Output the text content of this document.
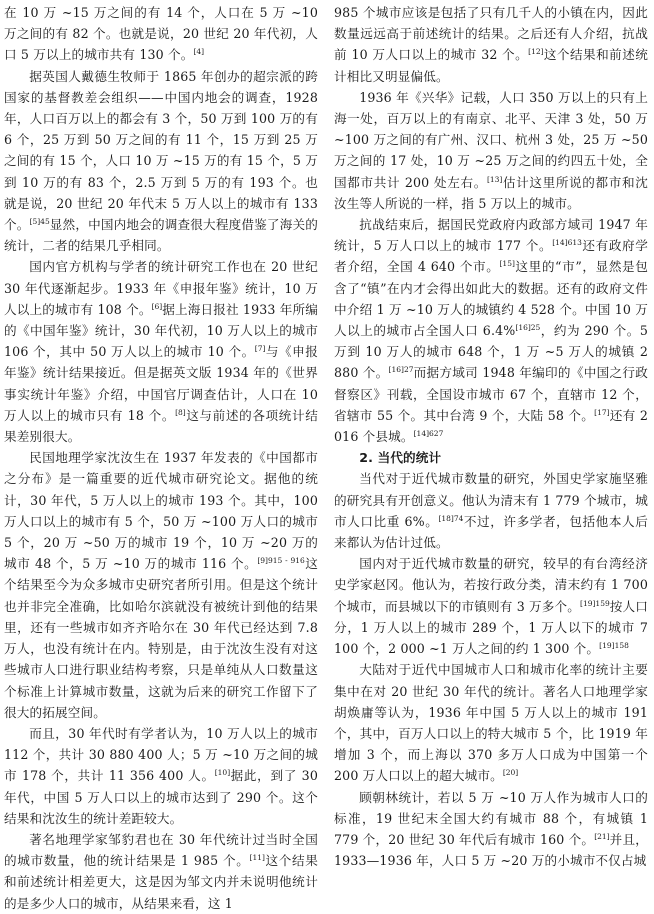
在 10 万 ~15 万之间的有 14 个，人口在 5 万 ~10 万之间的有 82 个。也就是说，20 世纪 20 年代初，人口 5 万以上的城市共有 130 个。[4]

据英国人戴德生牧师于 1865 年创办的超宗派的跨国家的基督教差会组织——中国内地会的调查，1928 年，人口百万以上的都会有 3 个，50 万到 100 万的有 6 个，25 万到 50 万之间的有 11 个，15 万到 25 万之间的有 15 个，人口 10 万 ~15 万的有 15 个，5 万到 10 万的有 83 个，2.5 万到 5 万的有 193 个。也就是说，20 世纪 20 年代末 5 万人以上的城市有 133 个。$^{[5]45}$显然，中国内地会的调查很大程度借鉴了海关的统计，二者的结果几乎相同。

国内官方机构与学者的统计研究工作也在 20 世纪 30 年代逐渐起步。1933 年《申报年鉴》统计，10 万人以上的城市有 108 个。[6]据上海日报社 1933 年所编的《中国年鉴》统计，30 年代初，10 万人以上的城市 106 个，其中 50 万人以上的城市 10 个。[7]与《申报年鉴》统计结果接近。但是据英文版 1934 年的《世界事实统计年鉴》介绍，中国官厅调查估计，人口在 10 万人以上的城市只有 18 个。[8]这与前述的各项统计结果差别很大。

民国地理学家沈汝生在 1937 年发表的《中国都市之分布》是一篇重要的近代城市研究论文。据他的统计，30 年代，5 万人以上的城市 193 个。其中，100 万人口以上的城市有 5 个，50 万 ~100 万人口的城市 5 个，20 万 ~50 万的城市 19 个，10 万 ~20 万的城市 48 个，5 万 ~10 万的城市 116 个。$^{[9]915 - 916}$这个结果至今为众多城市史研究者所引用。但是这个统计也并非完全准确，比如哈尔滨就没有被统计到他的结果里，还有一些城市如齐齐哈尔在 30 年代已经达到 7.8 万人，也没有统计在内。特别是，由于沈汝生没有对这些城市人口进行职业结构考察，只是单纯从人口数量这个标准上计算城市数量，这就为后来的研究工作留下了很大的拓展空间。

而且，30 年代时有学者认为，10 万人以上的城市 112 个，共计 30 880 400 人；5 万 ~10 万之间的城市 178 个，共计 11 356 400 人。[10]据此，到了 30 年代，中国 5 万人口以上的城市达到了 290 个。这个结果和沈汝生的统计差距较大。

著名地理学家邹豹君也在 30 年代统计过当时全国的城市数量，他的统计结果是 1 985 个。[11]这个结果和前述统计相差更大，这是因为邹文内并未说明他统计的是多少人口的城市，从结果来看，这 1

985 个城市应该是包括了只有几千人的小镇在内，因此数量远远高于前述统计的结果。之后还有人介绍，抗战前 10 万人口以上的城市 32 个。[12]这个结果和前述统计相比又明显偏低。

1936 年《兴华》记载，人口 350 万以上的只有上海一处，百万以上的有南京、北平、天津 3 处，50 万 ~100 万之间的有广州、汉口、杭州 3 处，25 万 ~50 万之间的 17 处，10 万 ~25 万之间的约四五十处，全国都市共计 200 处左右。[13]估计这里所说的都市和沈汝生等人所说的一样，指 5 万以上的城市。

抗战结束后，据国民党政府内政部方域司 1947 年统计，5 万人口以上的城市 177 个。$^{[14]613}$还有政府学者介绍，全国 4 640 个市。[15]这里的“市”，显然是包含了“镇”在内才会得出如此大的数据。还有的政府文件中介绍 1 万 ~10 万人的城镇约 4 528 个。中国 10 万人以上的城市占全国人口 6.4%$^{[16]25}$，约为 290 个。5 万到 10 万人的城市 648 个，1 万 ~5 万人的城镇 2 880 个。$^{[16]27}$而据方域司 1948 年编印的《中国之行政督察区》刊载，全国设市城市 67 个，直辖市 12 个，省辖市 55 个。其中台湾 9 个，大陆 58 个。[17]还有 2 016 个县城。$^{[14]627}$

2. 当代的统计

当代对于近代城市数量的研究，外国史学家施坚雅的研究具有开创意义。他认为清末有 1 779 个城市，城市人口比重 6%。$^{[18]74}$不过，许多学者，包括他本人后来都认为估计过低。

国内对于近代城市数量的研究，较早的有台湾经济史学家赵冈。他认为，若按行政分类，清末约有 1 700 个城市，而县城以下的市镇则有 3 万多个。$^{[19]159}$按人口分，1 万人以上的城市 289 个，1 万人以下的城市 7 100 个，2 000 ~1 万人之间的约 1 300 个。$^{[19]158}$

大陆对于近代中国城市人口和城市化率的统计主要集中在对 20 世纪 30 年代的统计。著名人口地理学家胡焕庸等认为，1936 年中国 5 万人以上的城市 191 个，其中，百万人口以上的特大城市 5 个，比 1919 年增加 3 个，而上海以 370 多万人口成为中国第一个 200 万人口以上的超大城市。[20]

顾朝林统计，若以 5 万 ~10 万人作为城市人口的标准，19 世纪末全国大约有城市 88 个，有城镇 1 779 个，20 世纪 30 年代后有城市 160 个。[21]并且，1933—1936 年，人口 5 万 ~20 万的小城市不仅占城
